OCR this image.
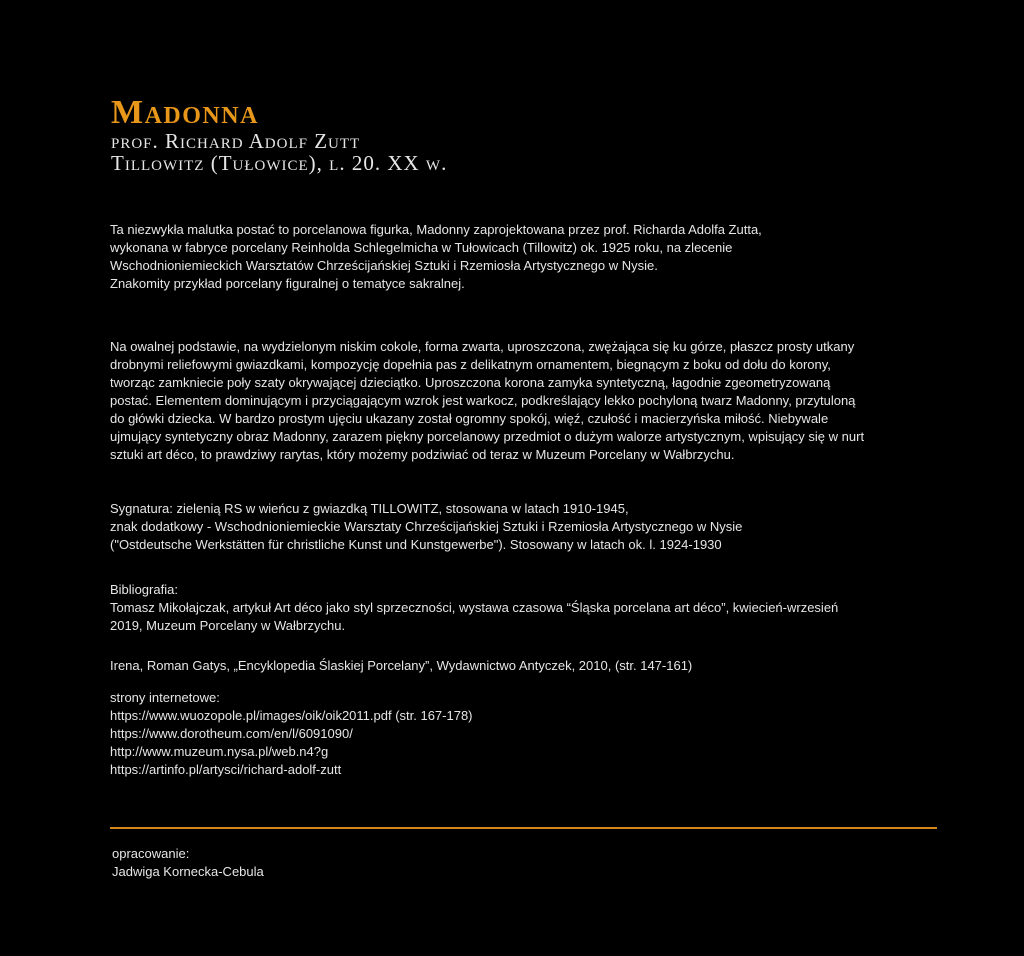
Madonna
prof. Richard Adolf Zutt
Tillowitz (Tułowice), l. 20. XX w.

Ta niezwykła malutka postać to porcelanowa figurka, Madonny zaprojektowana przez prof. Richarda Adolfa Zutta,
wykonana w fabryce porcelany Reinholda Schlegelmicha w Tułowicach (Tillowitz) ok. 1925 roku, na zlecenie
Wschodnioniemieckich Warsztatów Chrześcijańskiej Sztuki i Rzemiosła Artystycznego w Nysie.
Znakomity przykład porcelany figuralnej o tematyce sakralnej.

Na owalnej podstawie, na wydzielonym niskim cokole, forma zwarta, uproszczona, zwężająca się ku górze, płaszcz prosty utkany
drobnymi reliefowymi gwiazdkami, kompozycję dopełnia pas z delikatnym ornamentem, biegnącym z boku od dołu do korony,
tworząc zamkniecie poły szaty okrywającej dzieciątko. Uproszczona korona zamyka syntetyczną, łagodnie zgeometryzowaną
postać. Elementem dominującym i przyciągającym wzrok jest warkocz, podkreślający lekko pochyloną twarz Madonny, przytuloną
do główki dziecka. W bardzo prostym ujęciu ukazany został ogromny spokój, więź, czułość i macierzyńska miłość. Niebywale
ujmujący syntetyczny obraz Madonny, zarazem piękny porcelanowy przedmiot o dużym walorze artystycznym, wpisujący się w nurt
sztuki art déco, to prawdziwy rarytas, który możemy podziwiać od teraz w Muzeum Porcelany w Wałbrzychu.

Sygnatura: zielenią RS w wieńcu z gwiazdką TILLOWITZ, stosowana w latach 1910-1945,
znak dodatkowy - Wschodnioniemieckie Warsztaty Chrześcijańskiej Sztuki i Rzemiosła Artystycznego w Nysie
("Ostdeutsche Werkstätten für christliche Kunst und Kunstgewerbe"). Stosowany w latach ok. l. 1924-1930

Bibliografia:
Tomasz Mikołajczak, artykuł Art déco jako styl sprzeczności, wystawa czasowa “Śląska porcelana art déco”, kwiecień-wrzesień
2019, Muzeum Porcelany w Wałbrzychu.

Irena, Roman Gatys, „Encyklopedia Ślaskiej Porcelany”, Wydawnictwo Antyczek, 2010, (str. 147-161)

strony internetowe:
https://www.wuozopole.pl/images/oik/oik2011.pdf (str. 167-178)
https://www.dorotheum.com/en/l/6091090/
http://www.muzeum.nysa.pl/web.n4?g
https://artinfo.pl/artysci/richard-adolf-zutt

opracowanie:
Jadwiga Kornecka-Cebula
